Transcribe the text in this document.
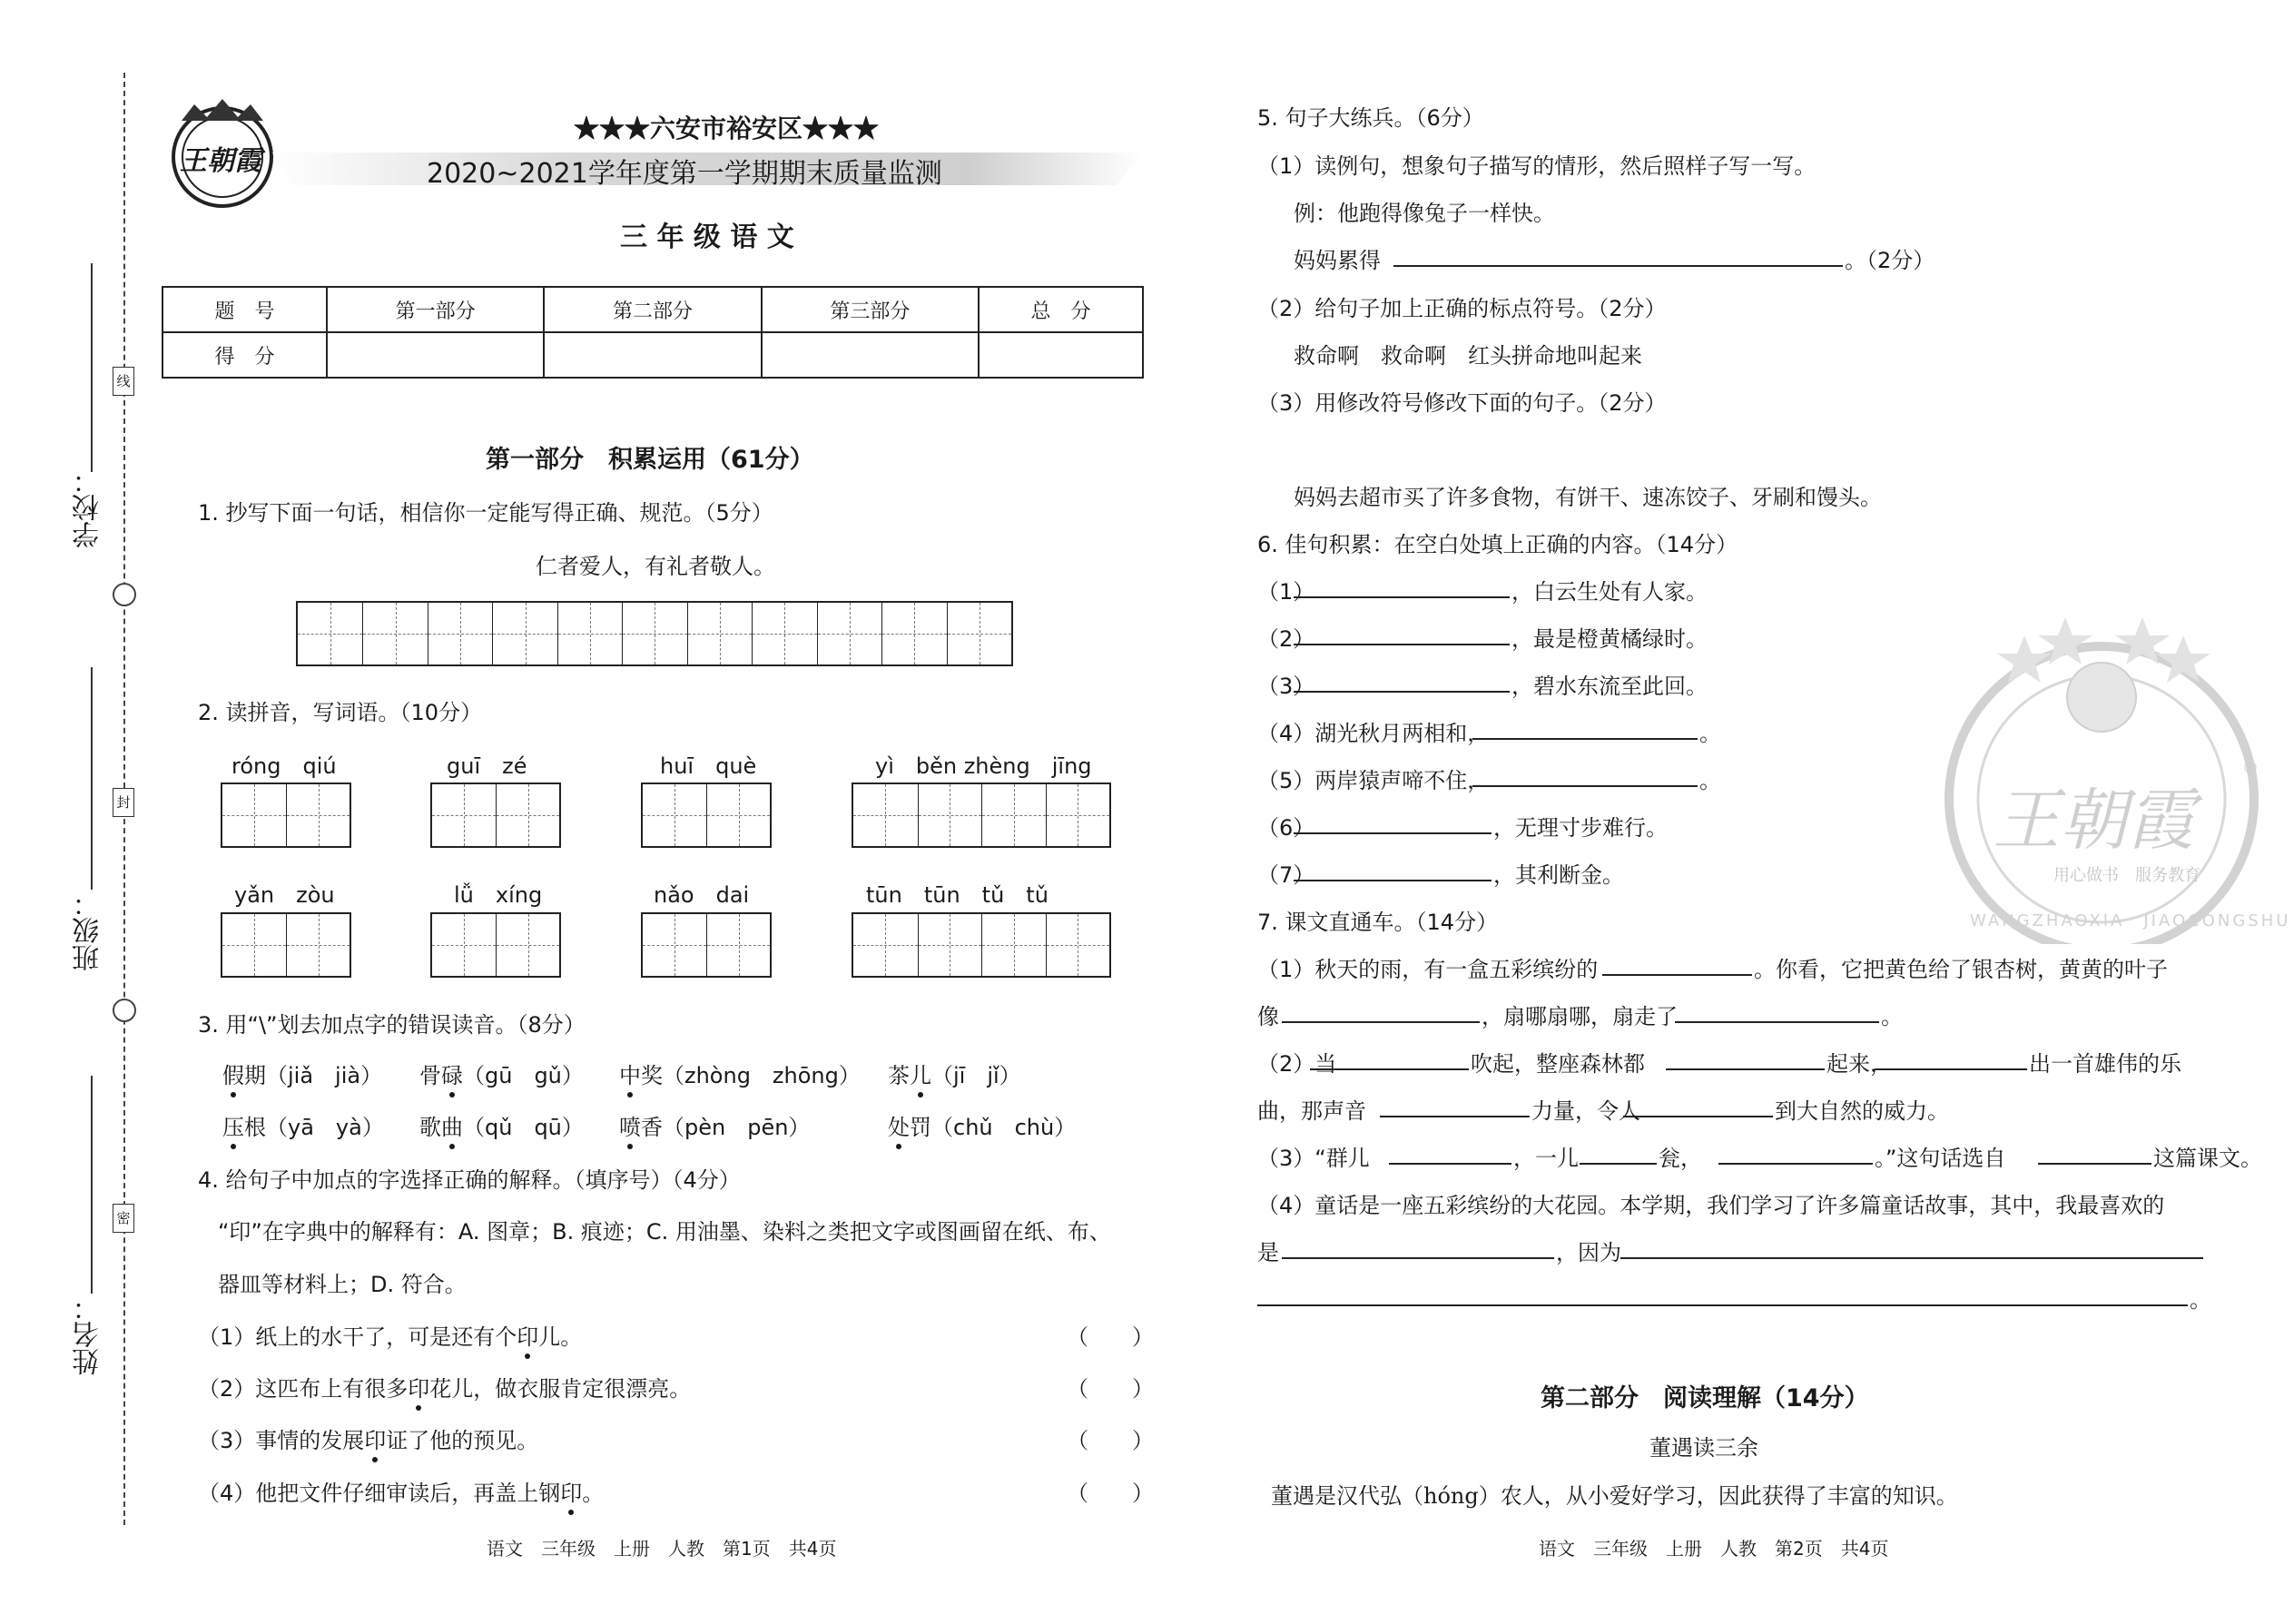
线
封
密
学校：
班级：
姓名：
王朝霞
★★★六安市裕安区★★★
2020~2021学年度第一学期期末质量监测
三 年 级 语 文
题　号	第一部分	第二部分	第三部分	总　分
得　分				
第一部分　积累运用（61分）
1. 抄写下面一句话，相信你一定能写得正确、规范。（5分）
仁者爱人，有礼者敬人。
2. 读拼音，写词语。（10分）
róng　qiú	guī　zé	huī　què	yì　běn zhèng　jīng
yǎn　zòu	lǚ　xíng	nǎo　dai	tūn　tūn　tǔ　tǔ
3. 用“\”划去加点字的错误读音。（8分）
假期（jiǎ　jià） 骨碌（gū　gǔ） 中奖（zhòng　zhōng） 茶儿（jī　jǐ）
压根（yā　yà） 歌曲（qǔ　qū） 喷香（pèn　pēn）	处罚（chǔ　chù）
4. 给句子中加点的字选择正确的解释。（填序号）（4分）
“印”在字典中的解释有：A. 图章；B. 痕迹；C. 用油墨、染料之类把文字或图画留在纸、布、
器皿等材料上；D. 符合。
（1）纸上的水干了，可是还有个印儿。	（　　）
（2）这匹布上有很多印花儿，做衣服肯定很漂亮。	（　　）
（3）事情的发展印证了他的预见。	（　　）
（4）他把文件仔细审读后，再盖上钢印。	（　　）
语文　三年级　上册　人教　第1页　共4页
王朝霞
®
用心做书　服务教育
WANGZHAOXIA　JIAOCONGSHU
5. 句子大练兵。（6分）
（1）读例句，想象句子描写的情形，然后照样子写一写。
例：他跑得像兔子一样快。
妈妈累得	。（2分）
（2）给句子加上正确的标点符号。（2分）
救命啊　救命啊　红头拼命地叫起来
（3）用修改符号修改下面的句子。（2分）
妈妈去超市买了许多食物，有饼干、速冻饺子、牙刷和馒头。
6. 佳句积累：在空白处填上正确的内容。（14分）
（1）	，白云生处有人家。
（2）	，最是橙黄橘绿时。
（3）	，碧水东流至此回。
（4）湖光秋月两相和，	。
（5）两岸猿声啼不住，	。
（6）	，无理寸步难行。
（7）	，其利断金。
7. 课文直通车。（14分）
（1）秋天的雨，有一盒五彩缤纷的	。你看，它把黄色给了银杏树，黄黄的叶子
像	，扇哪扇哪，扇走了	。
（2）当	吹起，整座森林都	起来，	出一首雄伟的乐
曲，那声音	力量，令人	到大自然的威力。
（3）“群儿	，一儿	瓮，	。”这句话选自	这篇课文。
（4）童话是一座五彩缤纷的大花园。本学期，我们学习了许多篇童话故事，其中，我最喜欢的
是	，因为
。
第二部分　阅读理解（14分）
董遇读三余
董遇是汉代弘（hóng）农人，从小爱好学习，因此获得了丰富的知识。
语文　三年级　上册　人教　第2页　共4页
